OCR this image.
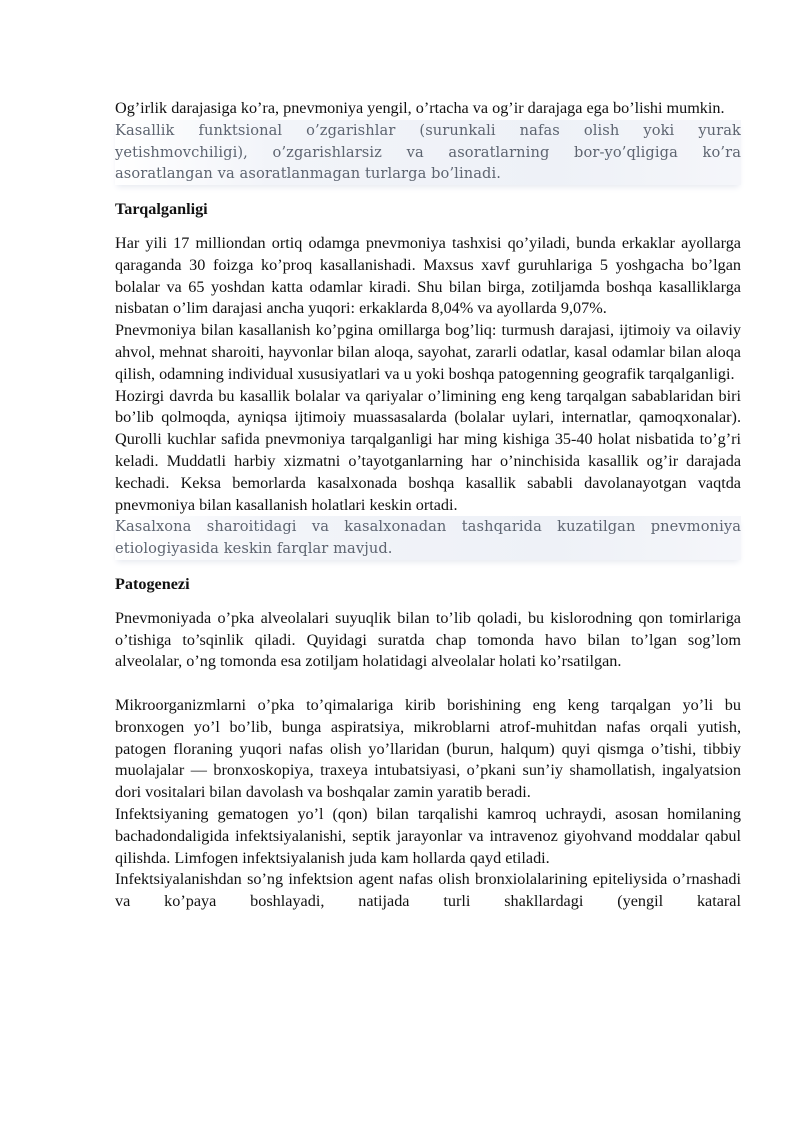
Og’irlik darajasiga ko’ra, pnevmoniya yengil, o’rtacha va og’ir darajaga ega bo’lishi mumkin.

Kasallik funktsional o’zgarishlar (surunkali nafas olish yoki yurak yetishmovchiligi), o’zgarishlarsiz va asoratlarning bor-yo’qligiga ko’ra asoratlangan va asoratlanmagan turlarga bo’linadi.

Tarqalganligi

Har yili 17 milliondan ortiq odamga pnevmoniya tashxisi qo’yiladi, bunda erkaklar ayollarga qaraganda 30 foizga ko’proq kasallanishadi. Maxsus xavf guruhlariga 5 yoshgacha bo’lgan bolalar va 65 yoshdan katta odamlar kiradi. Shu bilan birga, zotiljamda boshqa kasalliklarga nisbatan o’lim darajasi ancha yuqori: erkaklarda 8,04% va ayollarda 9,07%.

Pnevmoniya bilan kasallanish ko’pgina omillarga bog’liq: turmush darajasi, ijtimoiy va oilaviy ahvol, mehnat sharoiti, hayvonlar bilan aloqa, sayohat, zararli odatlar, kasal odamlar bilan aloqa qilish, odamning individual xususiyatlari va u yoki boshqa patogenning geografik tarqalganligi.

Hozirgi davrda bu kasallik bolalar va qariyalar o’limining eng keng tarqalgan sabablaridan biri bo’lib qolmoqda, ayniqsa ijtimoiy muassasalarda (bolalar uylari, internatlar, qamoqxonalar). Qurolli kuchlar safida pnevmoniya tarqalganligi har ming kishiga 35-40 holat nisbatida to’g’ri keladi. Muddatli harbiy xizmatni o’tayotganlarning har o’ninchisida kasallik og’ir darajada kechadi. Keksa bemorlarda kasalxonada boshqa kasallik sababli davolanayotgan vaqtda pnevmoniya bilan kasallanish holatlari keskin ortadi.

Kasalxona sharoitidagi va kasalxonadan tashqarida kuzatilgan pnevmoniya etiologiyasida keskin farqlar mavjud.

Patogenezi

Pnevmoniyada o’pka alveolalari suyuqlik bilan to’lib qoladi, bu kislorodning qon tomirlariga o’tishiga to’sqinlik qiladi. Quyidagi suratda chap tomonda havo bilan to’lgan sog’lom alveolalar, o’ng tomonda esa zotiljam holatidagi alveolalar holati ko’rsatilgan.

Mikroorganizmlarni o’pka to’qimalariga kirib borishining eng keng tarqalgan yo’li bu bronxogen yo’l bo’lib, bunga aspiratsiya, mikroblarni atrof-muhitdan nafas orqali yutish, patogen floraning yuqori nafas olish yo’llaridan (burun, halqum) quyi qismga o’tishi, tibbiy muolajalar — bronxoskopiya, traxeya intubatsiyasi, o’pkani sun’iy shamollatish, ingalyatsion dori vositalari bilan davolash va boshqalar zamin yaratib beradi.

Infektsiyaning gematogen yo’l (qon) bilan tarqalishi kamroq uchraydi, asosan homilaning bachadondaligida infektsiyalanishi, septik jarayonlar va intravenoz giyohvand moddalar qabul qilishda. Limfogen infektsiyalanish juda kam hollarda qayd etiladi.

Infektsiyalanishdan so’ng infektsion agent nafas olish bronxiolalarining epiteliysida o’rnashadi va ko’paya boshlayadi, natijada turli shakllardagi (yengil kataral
